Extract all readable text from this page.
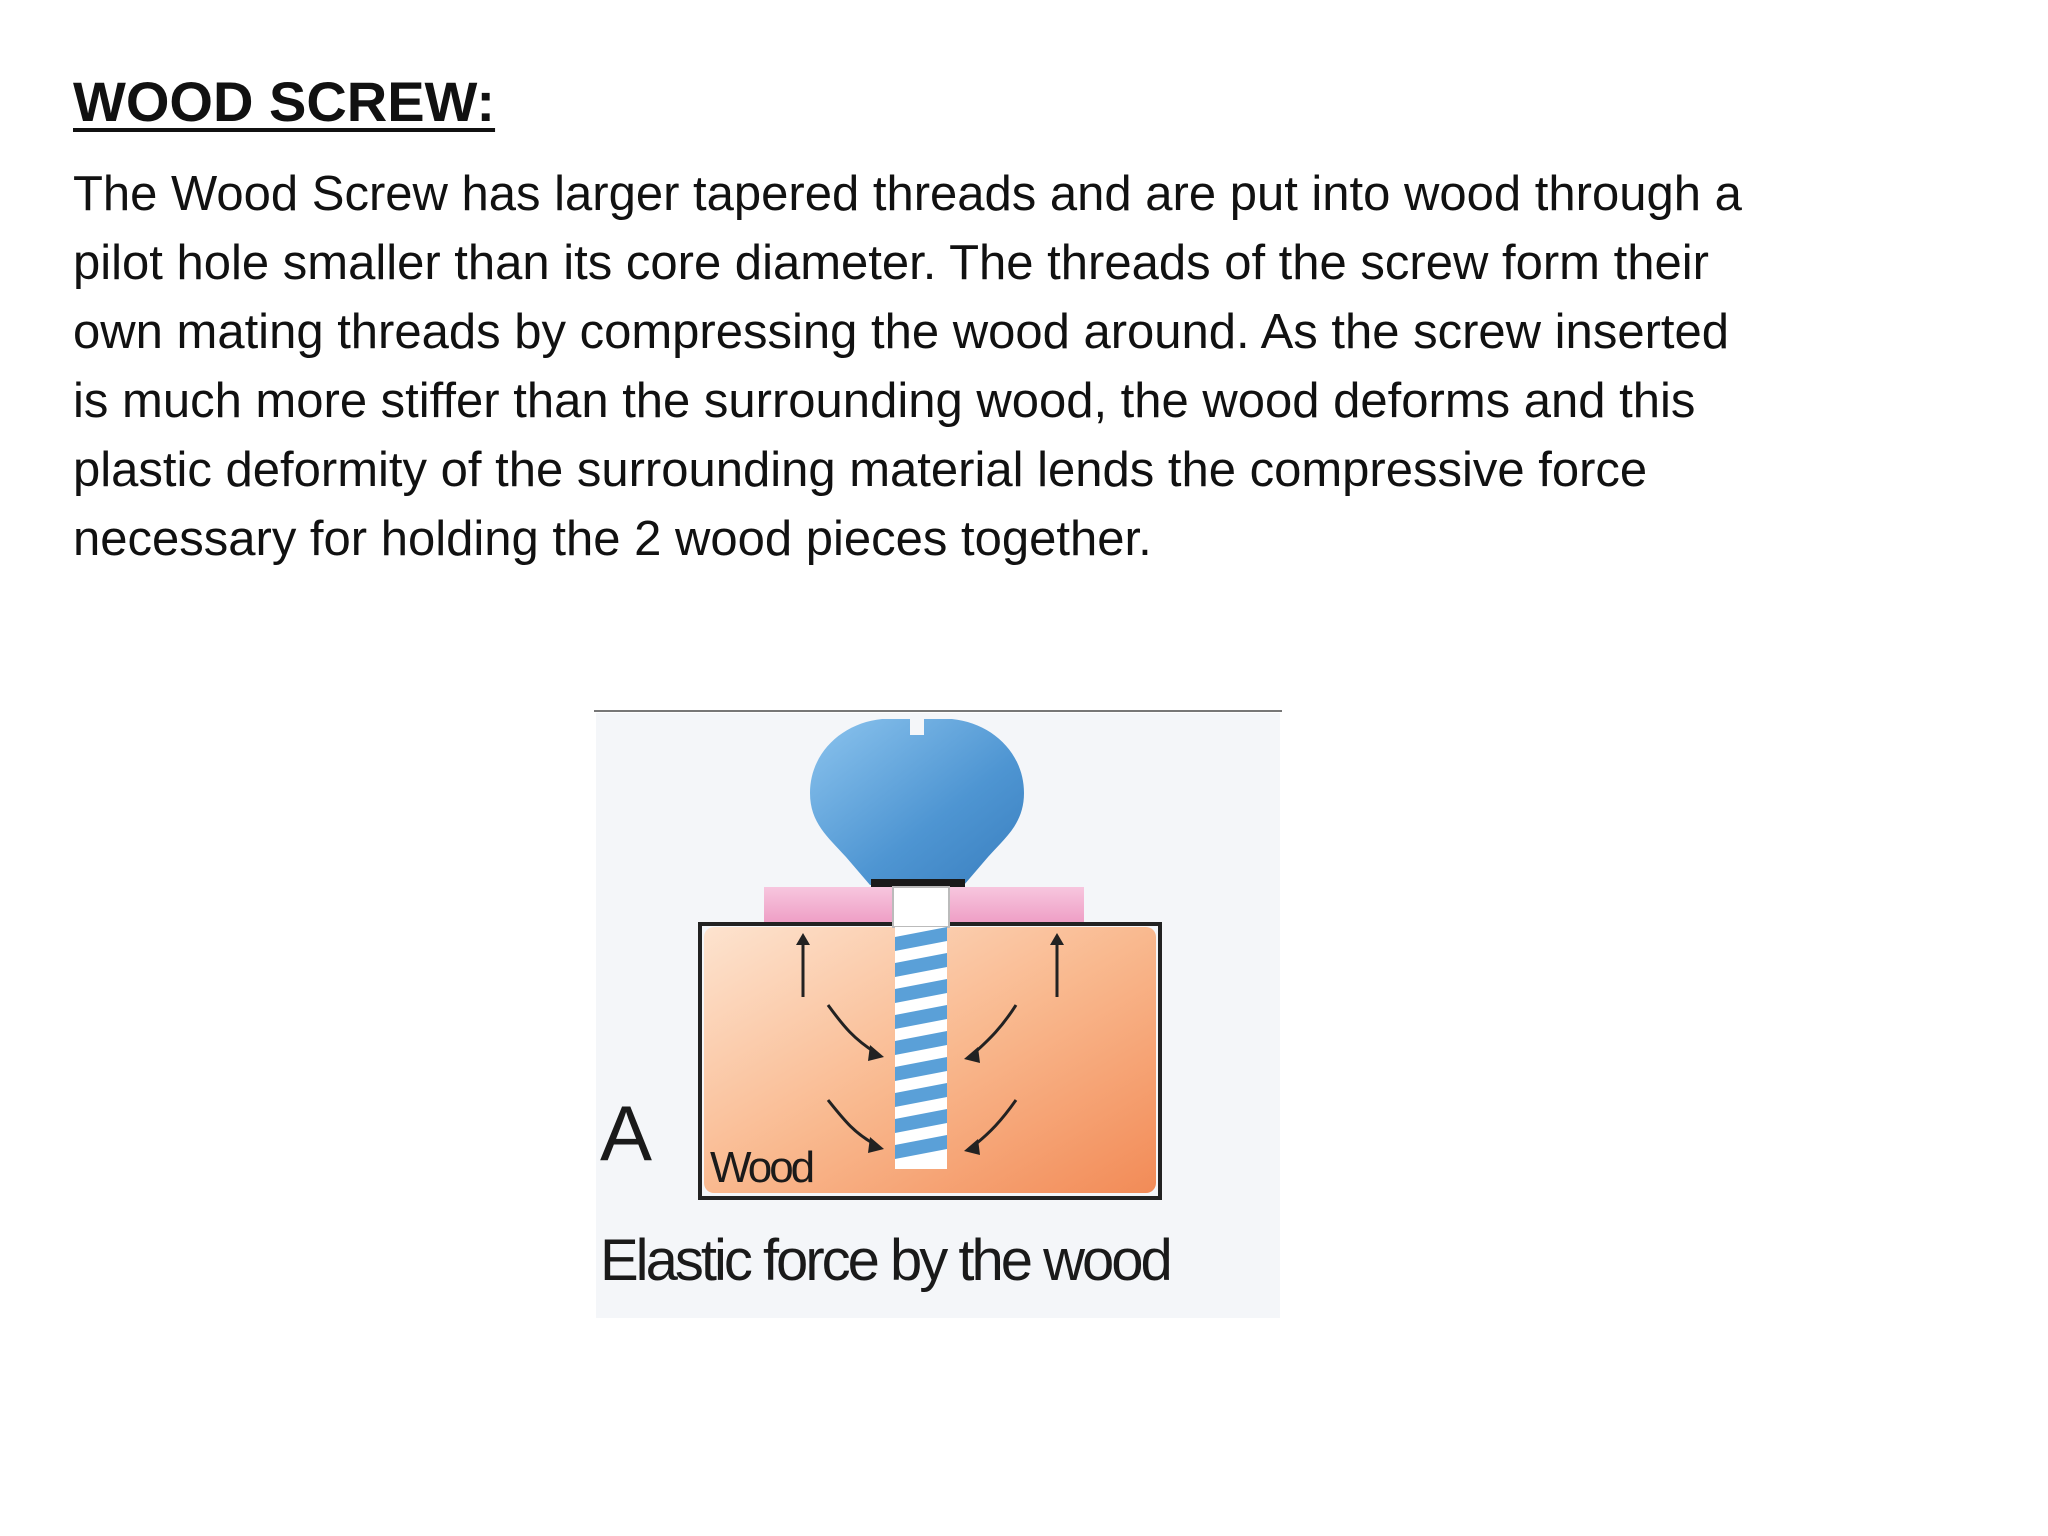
WOOD SCREW:

The Wood Screw has larger tapered threads and are put into wood through a
pilot hole smaller than its core diameter. The threads of the screw form their
own mating threads by compressing the wood around. As the screw inserted
is much more stiffer than the surrounding wood, the wood deforms and this
plastic deformity of the surrounding material lends the compressive force
necessary for holding the 2 wood pieces together.

A Wood
Elastic force by the wood
